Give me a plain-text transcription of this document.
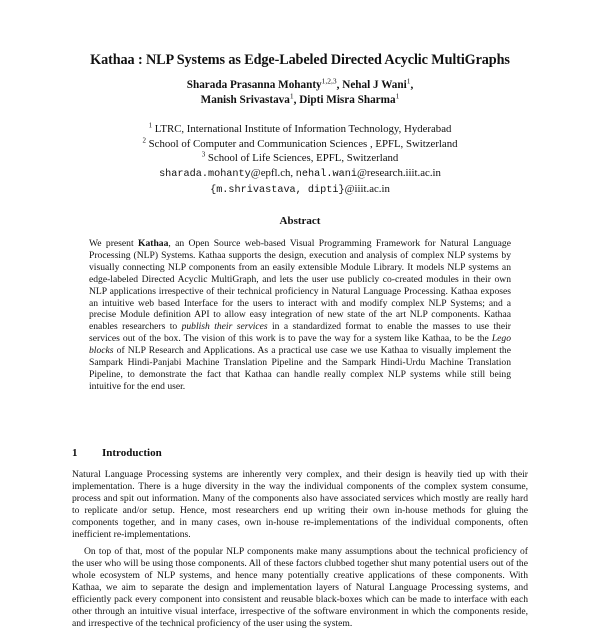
Kathaa : NLP Systems as Edge-Labeled Directed Acyclic MultiGraphs
Sharada Prasanna Mohanty$^{1,2,3}$, Nehal J Wani$^1$,
Manish Srivastava$^1$, Dipti Misra Sharma$^1$
$^1$ LTRC, International Institute of Information Technology, Hyderabad
$^2$ School of Computer and Communication Sciences , EPFL, Switzerland
$^3$ School of Life Sciences, EPFL, Switzerland
sharada.mohanty@epfl.ch, nehal.wani@research.iiit.ac.in
{m.shrivastava, dipti}@iiit.ac.in
Abstract
We present Kathaa, an Open Source web-based Visual Programming Framework for Natural Language Processing (NLP) Systems. Kathaa supports the design, execution and analysis of complex NLP systems by visually connecting NLP components from an easily extensible Module Library. It models NLP systems an edge-labeled Directed Acyclic MultiGraph, and lets the user use publicly co-created modules in their own NLP applications irrespective of their technical proficiency in Natural Language Processing. Kathaa exposes an intuitive web based Interface for the users to interact with and modify complex NLP Systems; and a precise Module definition API to allow easy integration of new state of the art NLP components. Kathaa enables researchers to publish their services in a standardized format to enable the masses to use their services out of the box. The vision of this work is to pave the way for a system like Kathaa, to be the Lego blocks of NLP Research and Applications. As a practical use case we use Kathaa to visually implement the Sampark Hindi-Panjabi Machine Translation Pipeline and the Sampark Hindi-Urdu Machine Translation Pipeline, to demonstrate the fact that Kathaa can handle really complex NLP systems while still being intuitive for the end user.
1 Introduction

Natural Language Processing systems are inherently very complex, and their design is heavily tied up with their implementation. There is a huge diversity in the way the individual components of the complex system consume, process and spit out information. Many of the components also have associated services which mostly are really hard to replicate and/or setup. Hence, most researchers end up writing their own in-house methods for gluing the components together, and in many cases, own in-house re-implementations of the individual components, often inefficient re-implementations.

On top of that, most of the popular NLP components make many assumptions about the technical proficiency of the user who will be using those components. All of these factors clubbed together shut many potential users out of the whole ecosystem of NLP systems, and hence many potentially creative applications of these components. With Kathaa, we aim to separate the design and implementation layers of Natural Language Processing systems, and efficiently pack every component into consistent and reusable black-boxes which can be made to interface with each other through an intuitive visual interface, irrespective of the software environment in which the components reside, and irrespective of the technical proficiency of the user using the system.
